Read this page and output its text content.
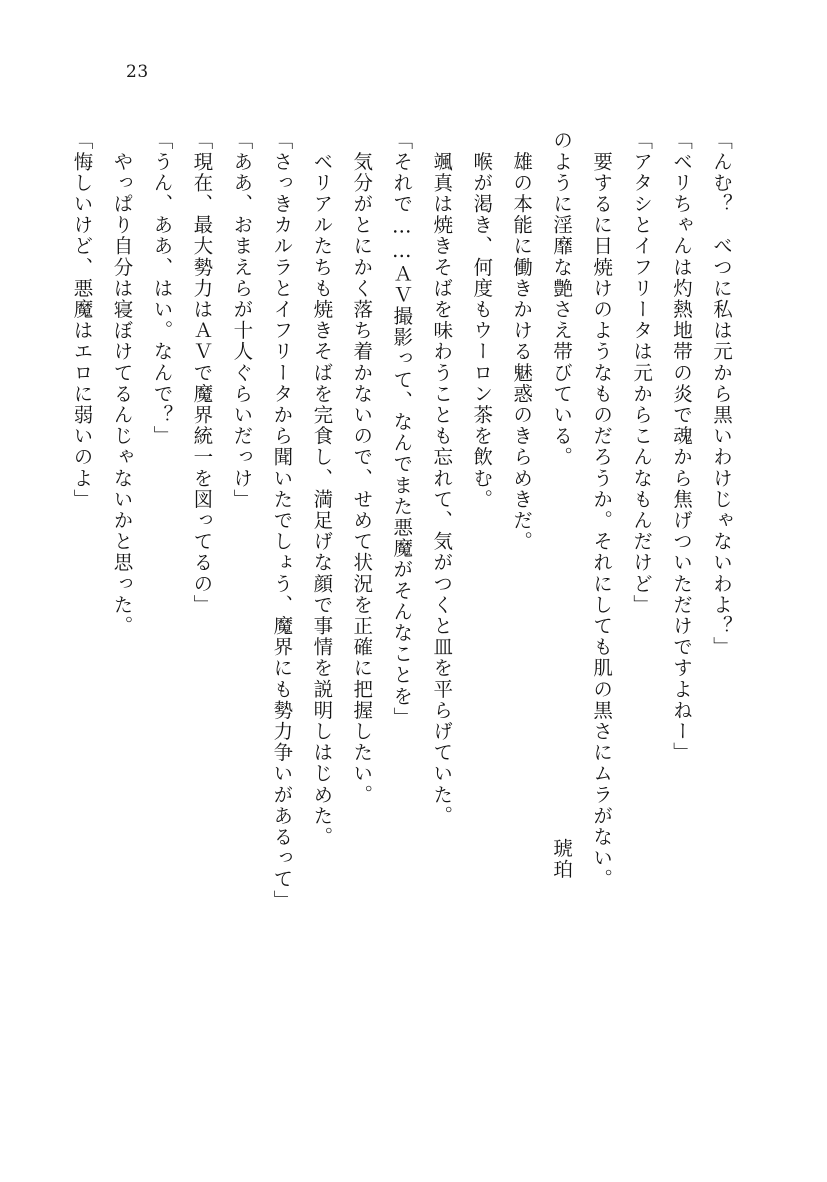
23
「んむ？　べつに私は元から黒いわけじゃないわよ？」
「ベリちゃんは灼熱地帯の炎で魂から焦げついただけですよねー」
「アタシとイフリータは元からこんなもんだけど」
　要するに日焼けのようなものだろうか。それにしても肌の黒さにムラがない。
のように淫靡な艶さえ帯びている。　　　　　　　　　　　　　　　　　　琥珀
　雄の本能に働きかける魅惑のきらめきだ。
　喉が渇き、何度もウーロン茶を飲む。
　颯真は焼きそばを味わうことも忘れて、気がつくと皿を平らげていた。
「それで……ＡＶ撮影って、なんでまた悪魔がそんなことを」
　気分がとにかく落ち着かないので、せめて状況を正確に把握したい。
　ベリアルたちも焼きそばを完食し、満足げな顔で事情を説明しはじめた。
「さっきカルラとイフリータから聞いたでしょう、魔界にも勢力争いがあるって」
「ああ、おまえらが十人ぐらいだっけ」
「現在、最大勢力はＡＶで魔界統一を図ってるの」
「うん、ああ、はい。なんで？」
　やっぱり自分は寝ぼけてるんじゃないかと思った。
「悔しいけど、悪魔はエロに弱いのよ」
